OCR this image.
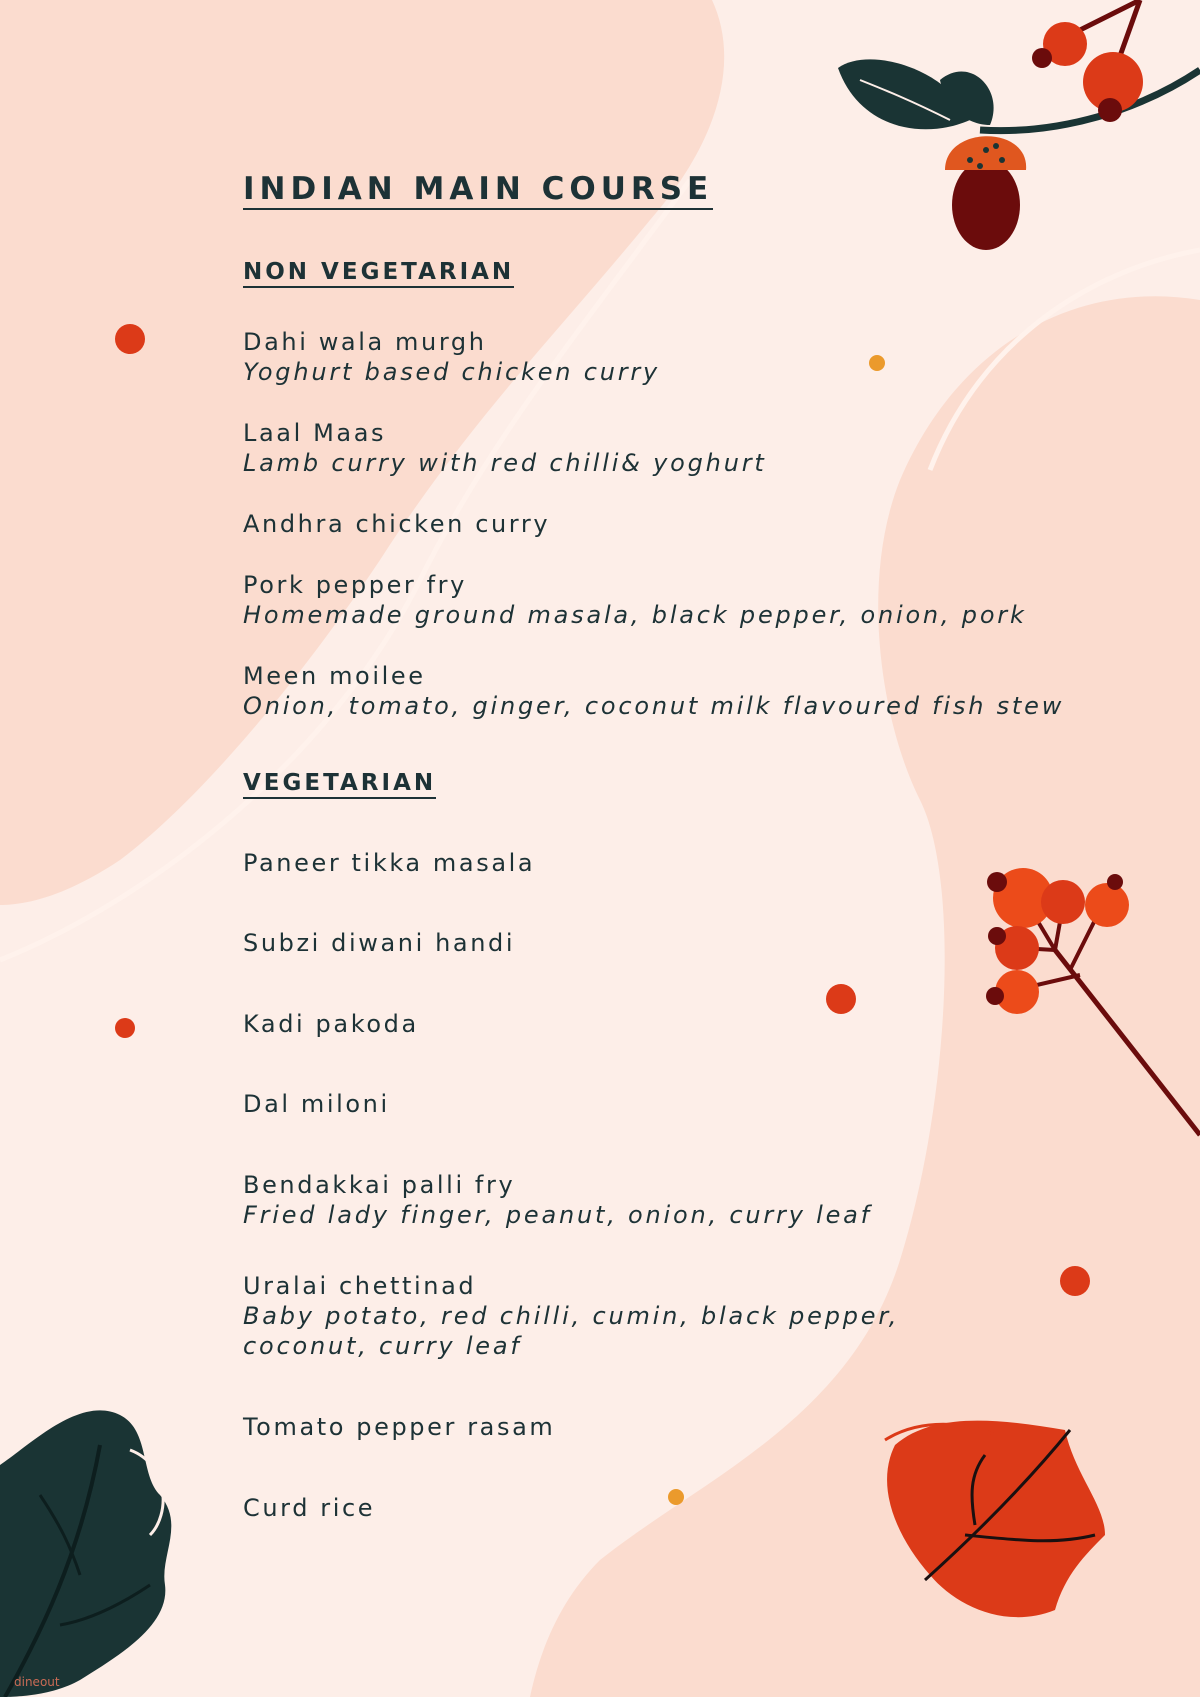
INDIAN MAIN COURSE
NON VEGETARIAN
Dahi wala murgh
Yoghurt based chicken curry
Laal Maas
Lamb curry with red chilli& yoghurt
Andhra chicken curry
Pork pepper fry
Homemade ground masala, black pepper, onion, pork
Meen moilee
Onion, tomato, ginger, coconut milk flavoured fish stew
VEGETARIAN
Paneer tikka masala
Subzi diwani handi
Kadi pakoda
Dal miloni
Bendakkai palli fry
Fried lady finger, peanut, onion, curry leaf
Uralai chettinad
Baby potato, red chilli, cumin, black pepper,
coconut, curry leaf
Tomato pepper rasam
Curd rice
dineout
